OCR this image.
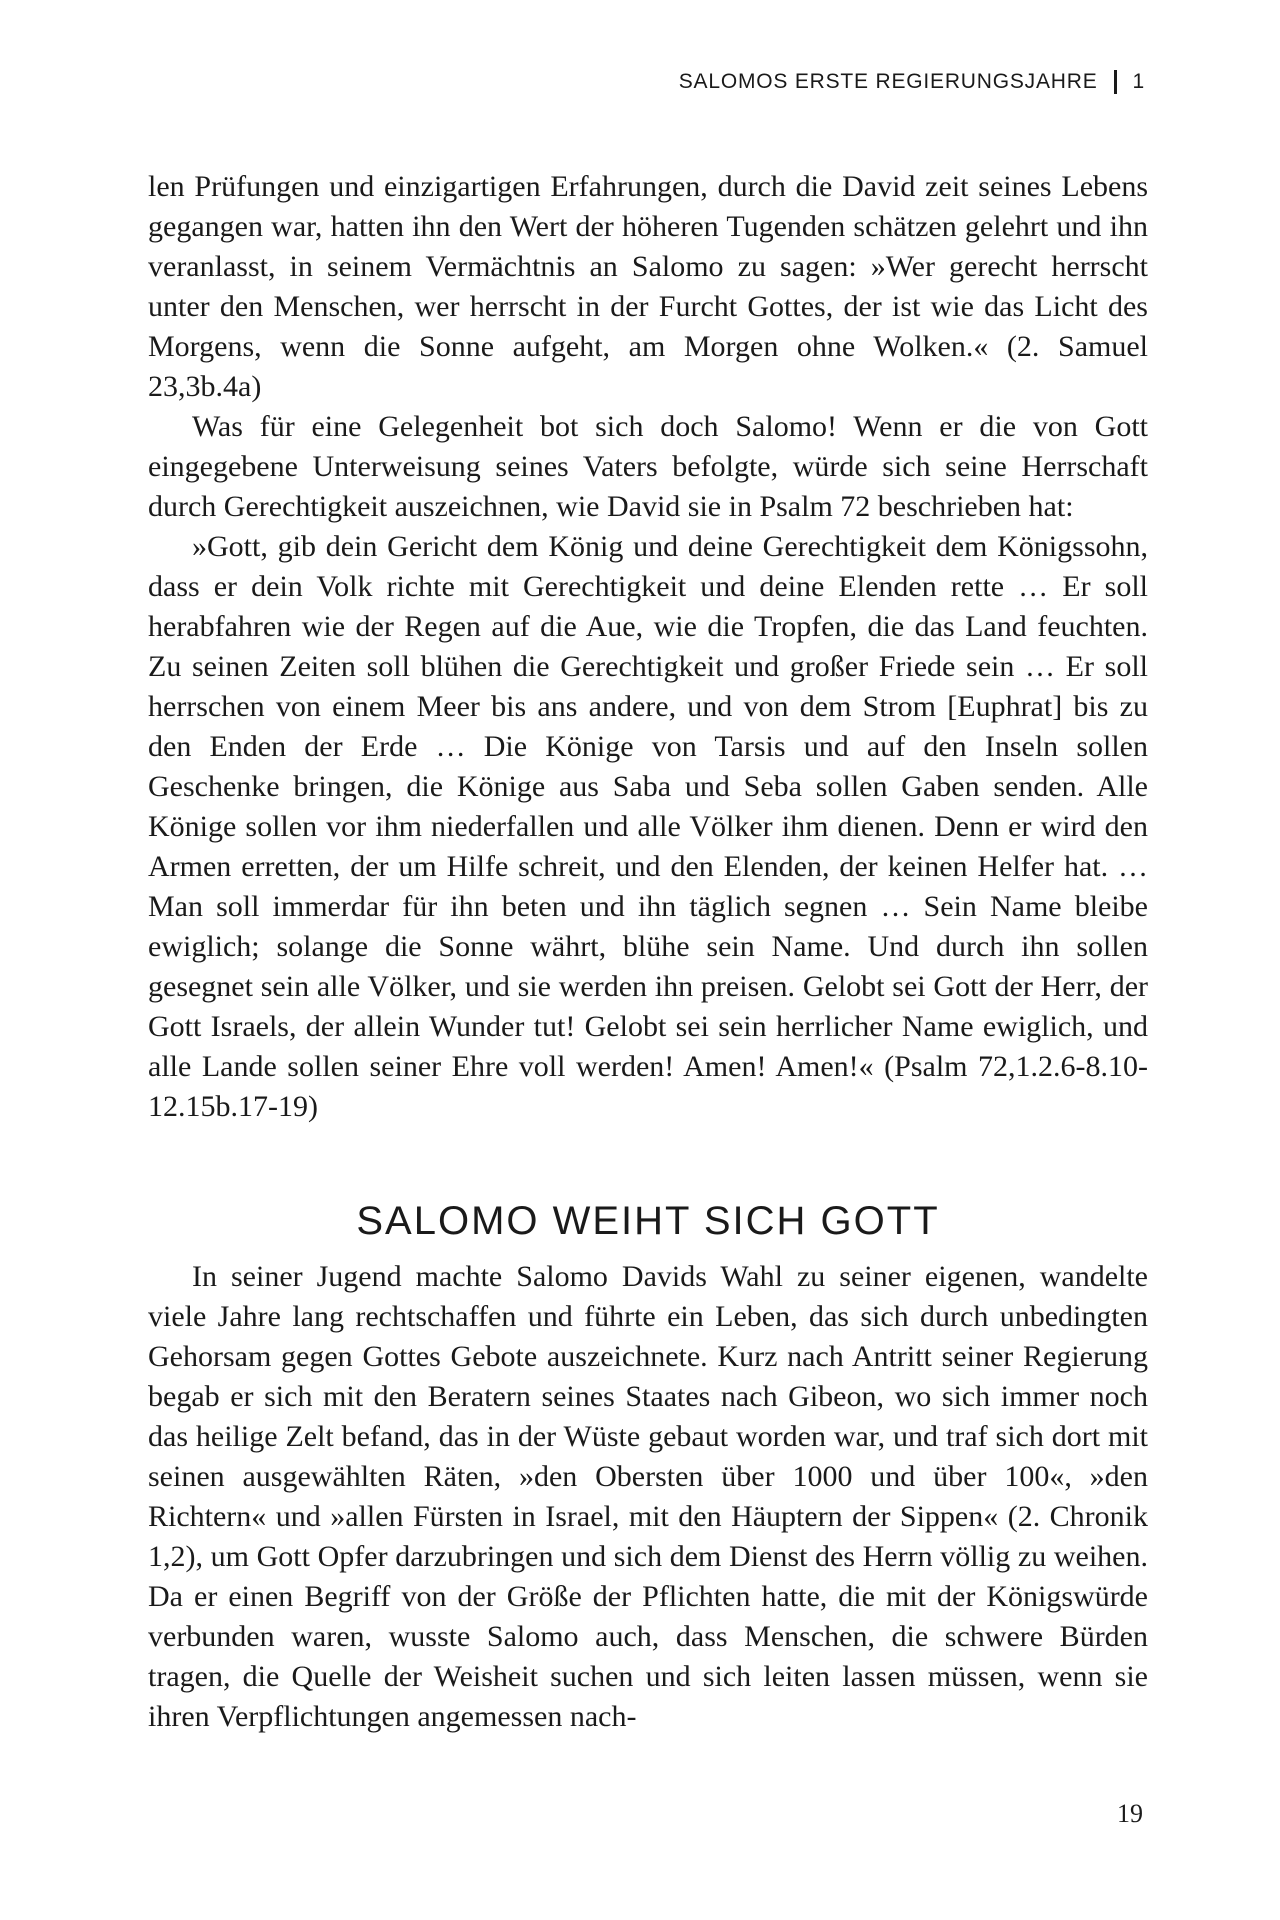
SALOMOS ERSTE REGIERUNGSJAHRE 1

len Prüfungen und einzigartigen Erfahrungen, durch die David zeit seines Lebens gegangen war, hatten ihn den Wert der höheren Tugenden schätzen gelehrt und ihn veranlasst, in seinem Vermächtnis an Salomo zu sagen: »Wer gerecht herrscht unter den Menschen, wer herrscht in der Furcht Gottes, der ist wie das Licht des Morgens, wenn die Sonne aufgeht, am Morgen ohne Wolken.« (2. Samuel 23,3b.4a)

Was für eine Gelegenheit bot sich doch Salomo! Wenn er die von Gott eingegebene Unterweisung seines Vaters befolgte, würde sich seine Herrschaft durch Gerechtigkeit auszeichnen, wie David sie in Psalm 72 beschrieben hat:

»Gott, gib dein Gericht dem König und deine Gerechtigkeit dem Königssohn, dass er dein Volk richte mit Gerechtigkeit und deine Elenden rette … Er soll herabfahren wie der Regen auf die Aue, wie die Tropfen, die das Land feuchten. Zu seinen Zeiten soll blühen die Gerechtigkeit und großer Friede sein … Er soll herrschen von einem Meer bis ans andere, und von dem Strom [Euphrat] bis zu den Enden der Erde … Die Könige von Tarsis und auf den Inseln sollen Geschenke bringen, die Könige aus Saba und Seba sollen Gaben senden. Alle Könige sollen vor ihm niederfallen und alle Völker ihm dienen. Denn er wird den Armen erretten, der um Hilfe schreit, und den Elenden, der keinen Helfer hat. … Man soll immerdar für ihn beten und ihn täglich segnen … Sein Name bleibe ewiglich; solange die Sonne währt, blühe sein Name. Und durch ihn sollen gesegnet sein alle Völker, und sie werden ihn preisen. Gelobt sei Gott der Herr, der Gott Israels, der allein Wunder tut! Gelobt sei sein herrlicher Name ewiglich, und alle Lande sollen seiner Ehre voll werden! Amen! Amen!« (Psalm 72,1.2.6-8.10-12.15b.17-19)

SALOMO WEIHT SICH GOTT

In seiner Jugend machte Salomo Davids Wahl zu seiner eigenen, wandelte viele Jahre lang rechtschaffen und führte ein Leben, das sich durch unbedingten Gehorsam gegen Gottes Gebote auszeichnete. Kurz nach Antritt seiner Regierung begab er sich mit den Beratern seines Staates nach Gibeon, wo sich immer noch das heilige Zelt befand, das in der Wüste gebaut worden war, und traf sich dort mit seinen ausgewählten Räten, »den Obersten über 1000 und über 100«, »den Richtern« und »allen Fürsten in Israel, mit den Häuptern der Sippen« (2. Chronik 1,2), um Gott Opfer darzubringen und sich dem Dienst des Herrn völlig zu weihen. Da er einen Begriff von der Größe der Pflichten hatte, die mit der Königswürde verbunden waren, wusste Salomo auch, dass Menschen, die schwere Bürden tragen, die Quelle der Weisheit suchen und sich leiten lassen müssen, wenn sie ihren Verpflichtungen angemessen nach-

19
